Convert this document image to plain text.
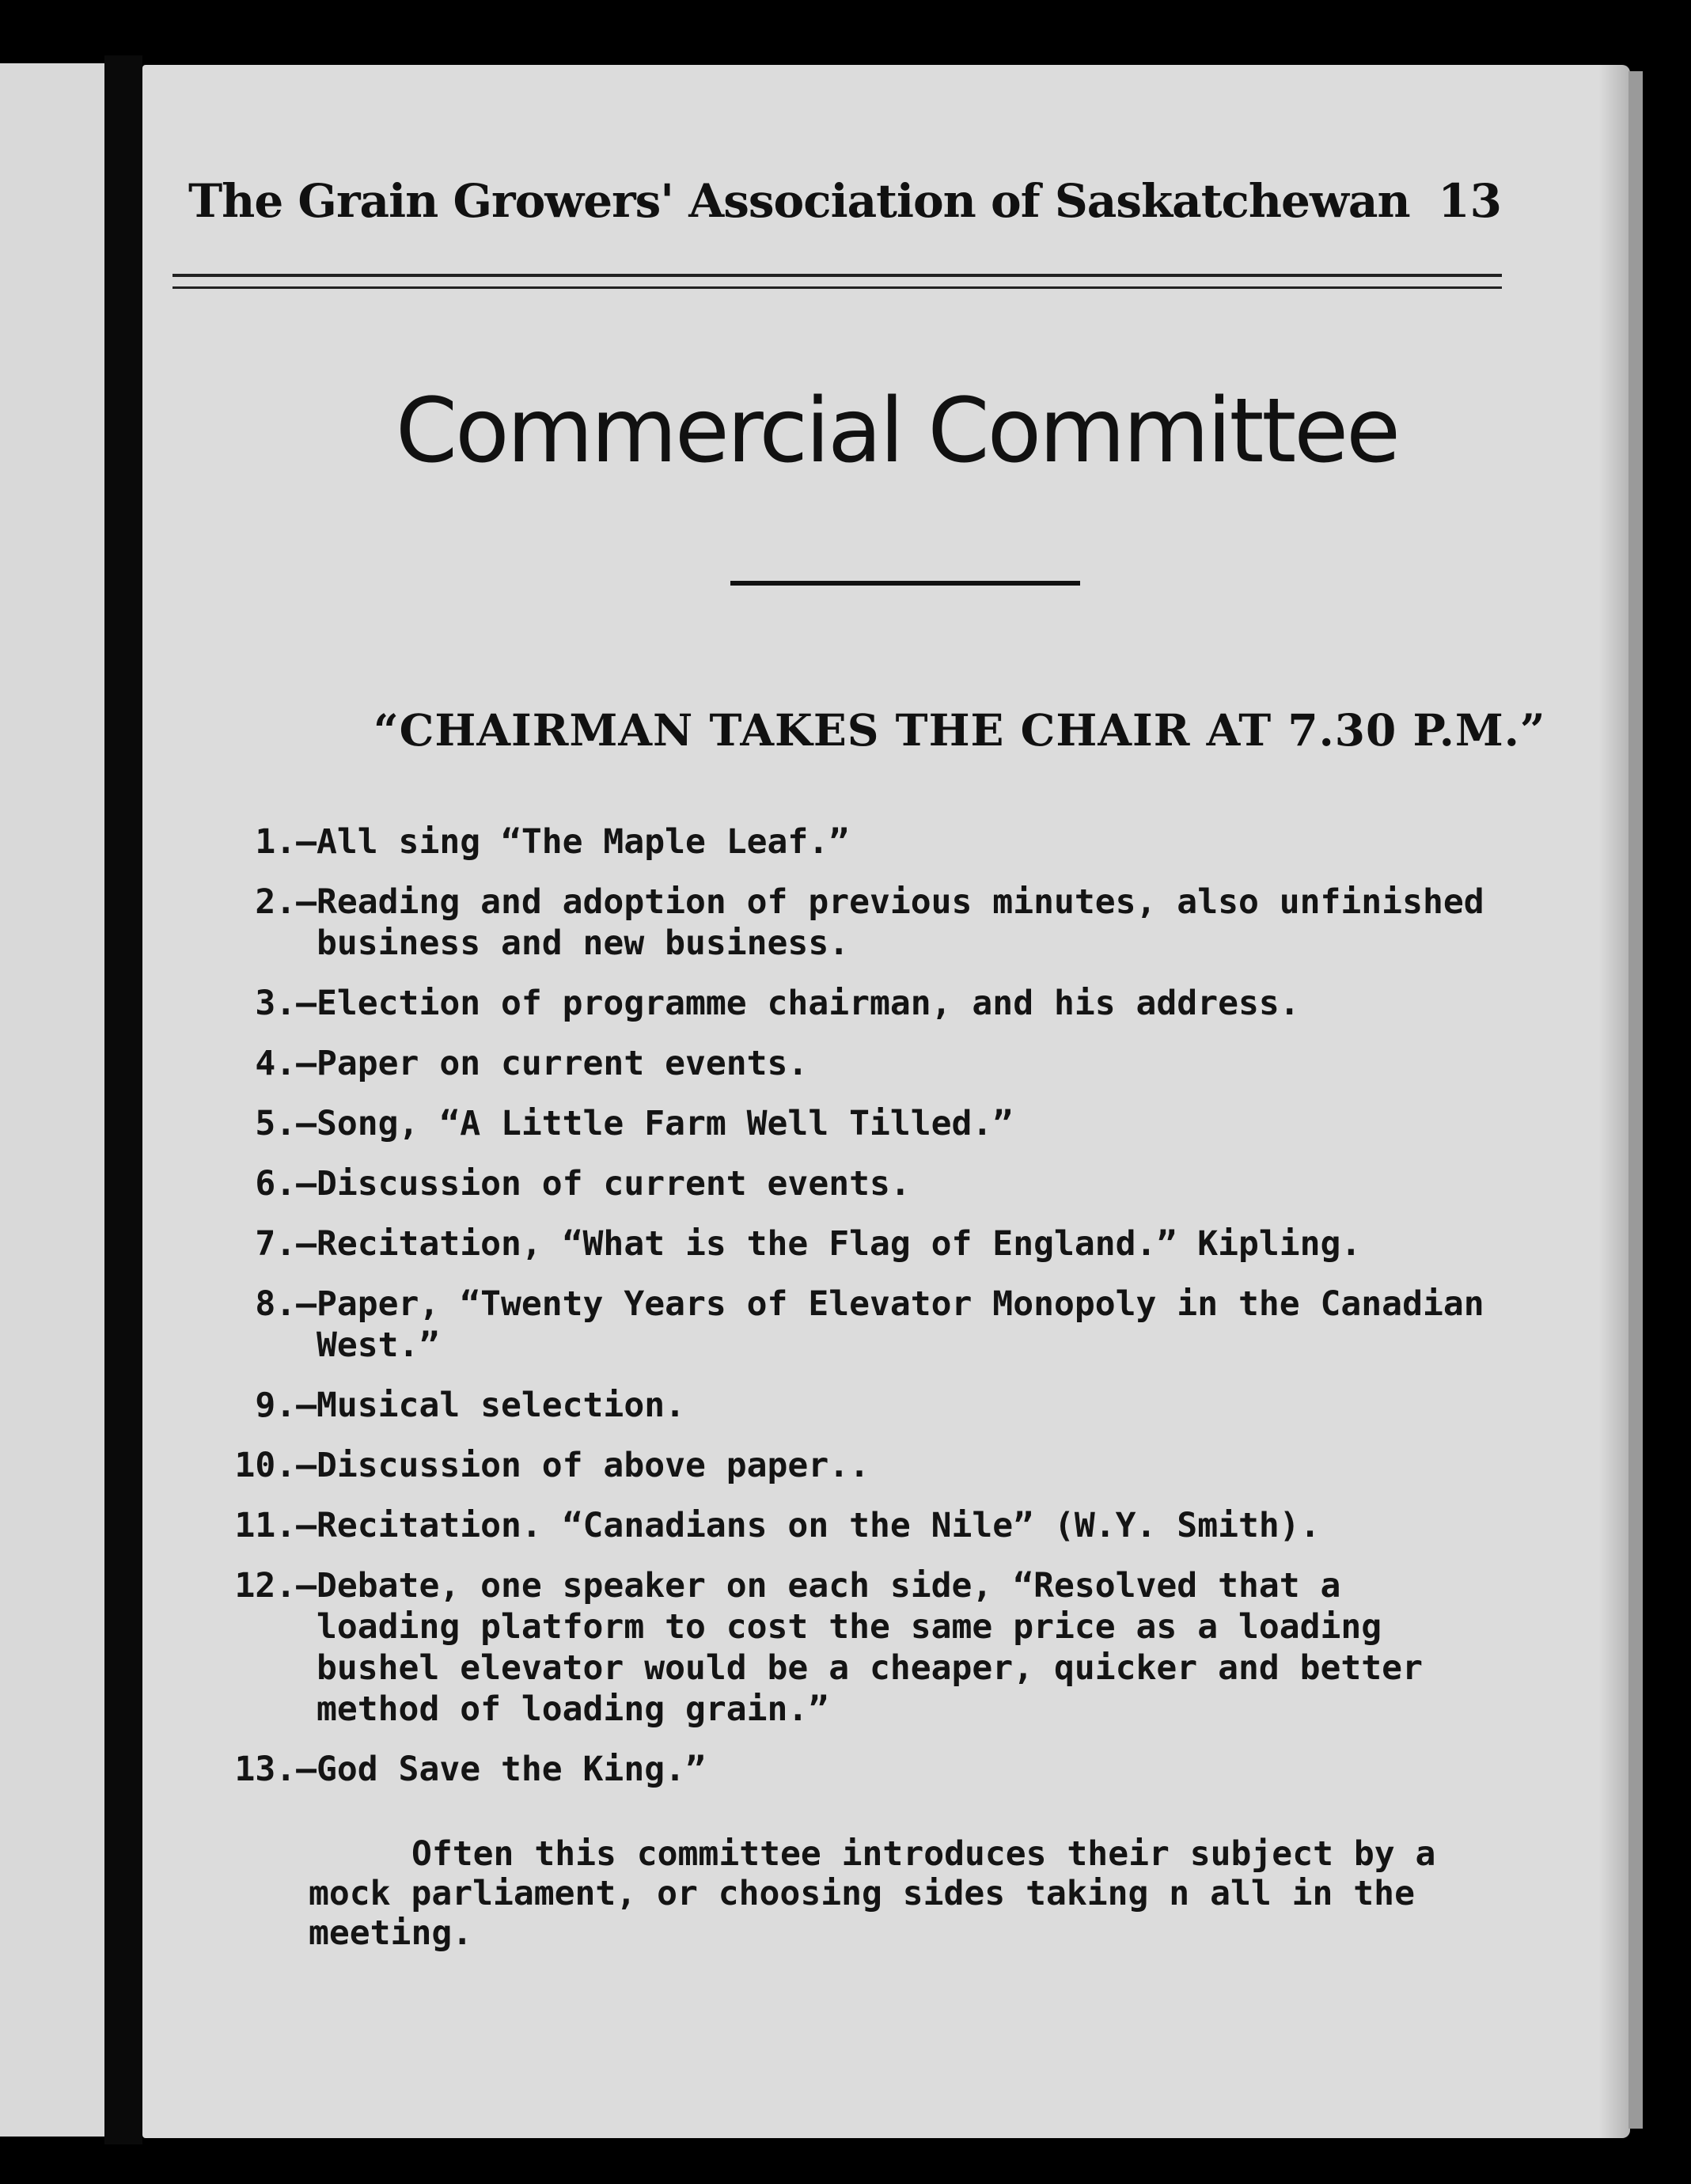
The Grain Growers' Association of Saskatchewan 13
Commercial Committee
“CHAIRMAN TAKES THE CHAIR AT 7.30 P.M.”
1.— All sing “The Maple Leaf.”
2.— Reading and adoption of previous minutes, also unfinished business and new business.
3.— Election of programme chairman, and his address.
4.— Paper on current events.
5.— Song, “A Little Farm Well Tilled.”
6.— Discussion of current events.
7.— Recitation, “What is the Flag of England.” Kipling.
8.— Paper, “Twenty Years of Elevator Monopoly in the Canadian West.”
9.— Musical selection.
10.— Discussion of above paper..
11.— Recitation. “Canadians on the Nile” (W.Y. Smith).
12.— Debate, one speaker on each side, “Resolved that a loading platform to cost the same price as a loading bushel elevator would be a cheaper, quicker and better method of loading grain.”
13.— God Save the King.”
Often this committee introduces their subject by a mock parliament, or choosing sides taking n all in the meeting.
